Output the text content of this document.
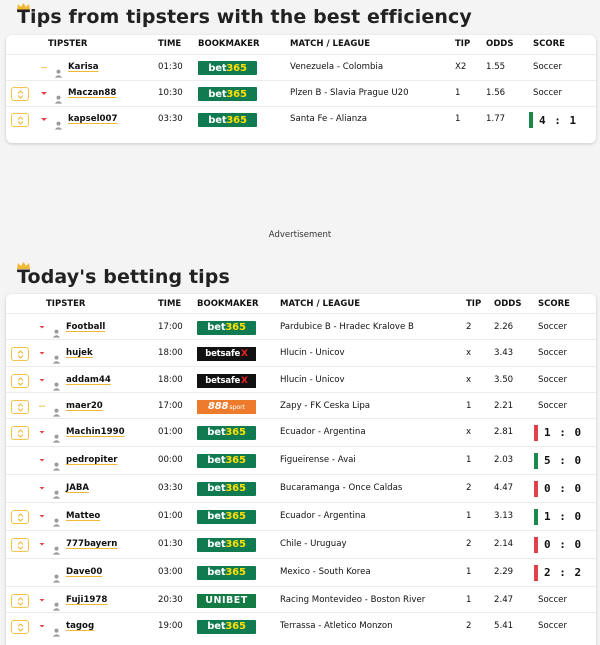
Tips from tipsters with the best efficiency
TIPSTER	TIME BOOKMAKER	MATCH / LEAGUE	TIP ODDS SCORE
Karisa	01:30	bet 365	Venezuela - Colombia	X2 1.55	Soccer
Maczan88	10:30	bet 365	Plzen B - Slavia Prague U20	1	1.56	Soccer
kapsel007	03:30	bet 365	Santa Fe - Alianza	1	1.77	4 : 1
Advertisement
Today's betting tips
TIPSTER	TIME BOOKMAKER	MATCH / LEAGUE	TIP ODDS SCORE
Football	17:00 bet 365	Pardubice B - Hradec Kralove B	2	2.26	Soccer
hujek	18:00	betsafe X	Hlucin - Unicov	x	3.43	Soccer
addam44	18:00	betsafe X	Hlucin - Unicov	x	3.50	Soccer
maer20	17:00	888 sport	Zapy - FK Ceska Lipa	1	2.21	Soccer
Machin1990	01:00 bet 365	Ecuador - Argentina	x	2.81	1 : 0
pedropiter	00:00 bet 365	Figueirense - Avai	1	2.03	5 : 0
JABA	03:30 bet 365	Bucaramanga - Once Caldas	2	4.47	0 : 0
Matteo	01:00 bet 365	Ecuador - Argentina	1	3.13	1 : 0
777bayern	01:30 bet 365	Chile - Uruguay	2	2.14	0 : 0
Dave00	03:00 bet 365	Mexico - South Korea	1	2.29	2 : 2
Fuji1978	20:30 UNIBET	Racing Montevideo - Boston River	1	2.47	Soccer
tagog	19:00 bet 365	Terrassa - Atletico Monzon	2	5.41	Soccer
